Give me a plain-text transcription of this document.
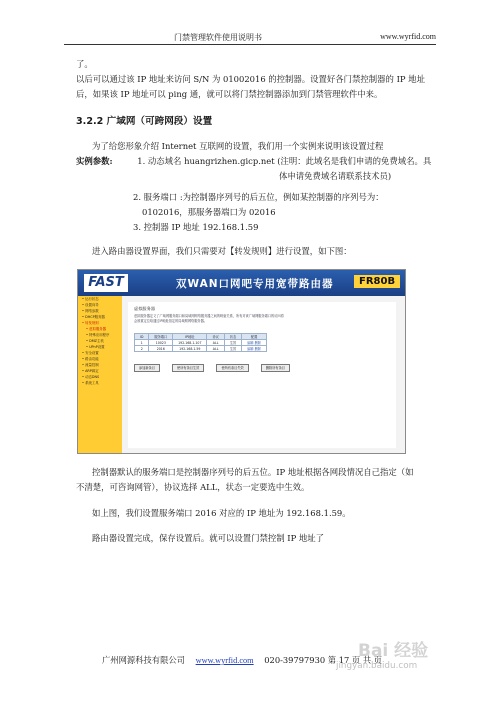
门禁管理软件使用说明书	www.wyrfid.com
了。
以后可以通过该 IP 地址来访问 S/N 为 01002016 的控制器。设置好各门禁控制器的 IP 地址
后，如果该 IP 地址可以 ping 通，就可以将门禁控制器添加到门禁管理软件中来。
3.2.2 广域网（可跨网段）设置
为了给您形象介绍 Internet 互联网的设置，我们用一个实例来说明该设置过程
实例参数:	1. 动态域名 huangrizhen.gicp.net (注明：此域名是我们申请的免费域名。具
体申请免费域名请联系技术员)
2. 服务端口 :为控制器序列号的后五位，例如某控制器的序列号为：
0102016，那服务器端口为 02016
3. 控制器 IP 地址 192.168.1.59
进入路由器设置界面，我们只需要对【转发规则】进行设置，如下图：
FAST	双WAN口网吧专用宽带路由器	FR80B
• 运行状态
• 设置向导
• 网络参数
• DHCP服务器
• 转发规则
• 虚拟服务器
• 特殊应用程序
• DMZ主机
• UPnP设置
• 安全设置
• 路由功能
• 流量控制
• ARP绑定
• 动态DNS
• 系统工具
虚拟服务器
虚拟服务器定义了广域网服务端口和局域网网络服务器之间的映射关系，所有对该广域网服务端口的访问将会被重定位给通过IP地址指定的局域网网络服务器。
ID	服务端口	IP地址	协议	状态	配置
1	10023	192.168.1.107	ALL	生效	编辑 删除
2	2016	192.168.1.59	ALL	生效	编辑 删除
添加新条目	使所有条目生效	使所有条目失效	删除所有条目
控制器默认的服务端口是控制器序列号的后五位。IP 地址根据各网段情况自己指定（如
不清楚，可咨询网管），协议选择 ALL，状态一定要选中生效。
如上图，我们设置服务端口 2016 对应的 IP 地址为 192.168.1.59。
路由器设置完成，保存设置后。就可以设置门禁控制 IP 地址了
广州网源科技有限公司 www.wyrfid.com 020-39797930 第 17 页 共 页
Bai 经验
jingyan.baidu.com
